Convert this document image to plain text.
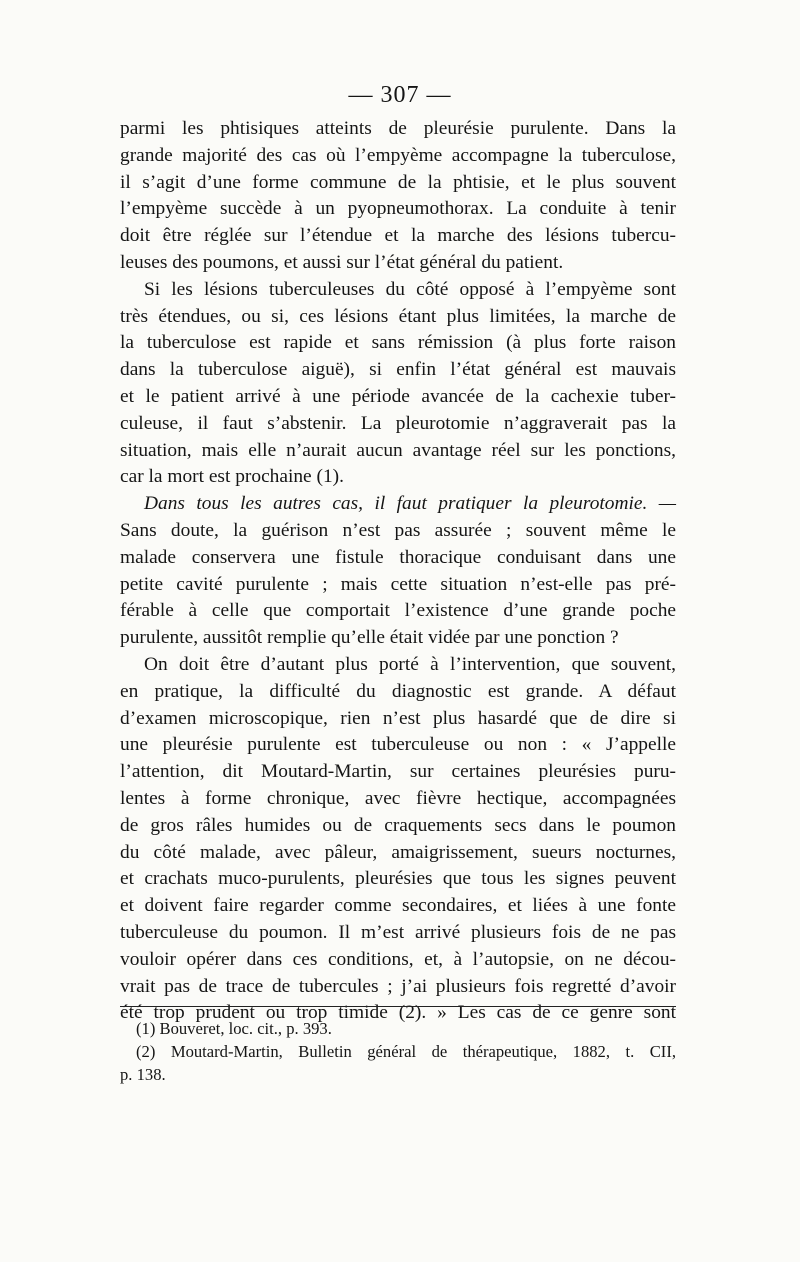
— 307 —
parmi les phtisiques atteints de pleurésie purulente. Dans la
grande majorité des cas où l’empyème accompagne la tuberculose,
il s’agit d’une forme commune de la phtisie, et le plus souvent
l’empyème succède à un pyopneumothorax. La conduite à tenir
doit être réglée sur l’étendue et la marche des lésions tubercu-
leuses des poumons, et aussi sur l’état général du patient.
Si les lésions tuberculeuses du côté opposé à l’empyème sont
très étendues, ou si, ces lésions étant plus limitées, la marche de
la tuberculose est rapide et sans rémission (à plus forte raison
dans la tuberculose aiguë), si enfin l’état général est mauvais
et le patient arrivé à une période avancée de la cachexie tuber-
culeuse, il faut s’abstenir. La pleurotomie n’aggraverait pas la
situation, mais elle n’aurait aucun avantage réel sur les ponctions,
car la mort est prochaine (1).
Dans tous les autres cas, il faut pratiquer la pleurotomie. —
Sans doute, la guérison n’est pas assurée ; souvent même le
malade conservera une fistule thoracique conduisant dans une
petite cavité purulente ; mais cette situation n’est-elle pas pré-
férable à celle que comportait l’existence d’une grande poche
purulente, aussitôt remplie qu’elle était vidée par une ponction ?
On doit être d’autant plus porté à l’intervention, que souvent,
en pratique, la difficulté du diagnostic est grande. A défaut
d’examen microscopique, rien n’est plus hasardé que de dire si
une pleurésie purulente est tuberculeuse ou non : « J’appelle
l’attention, dit Moutard-Martin, sur certaines pleurésies puru-
lentes à forme chronique, avec fièvre hectique, accompagnées
de gros râles humides ou de craquements secs dans le poumon
du côté malade, avec pâleur, amaigrissement, sueurs nocturnes,
et crachats muco-purulents, pleurésies que tous les signes peuvent
et doivent faire regarder comme secondaires, et liées à une fonte
tuberculeuse du poumon. Il m’est arrivé plusieurs fois de ne pas
vouloir opérer dans ces conditions, et, à l’autopsie, on ne décou-
vrait pas de trace de tubercules ; j’ai plusieurs fois regretté d’avoir
été trop prudent ou trop timide (2). » Les cas de ce genre sont
(1) Bouveret, loc. cit., p. 393.
(2) Moutard-Martin, Bulletin général de thérapeutique, 1882, t. CII,
p. 138.
